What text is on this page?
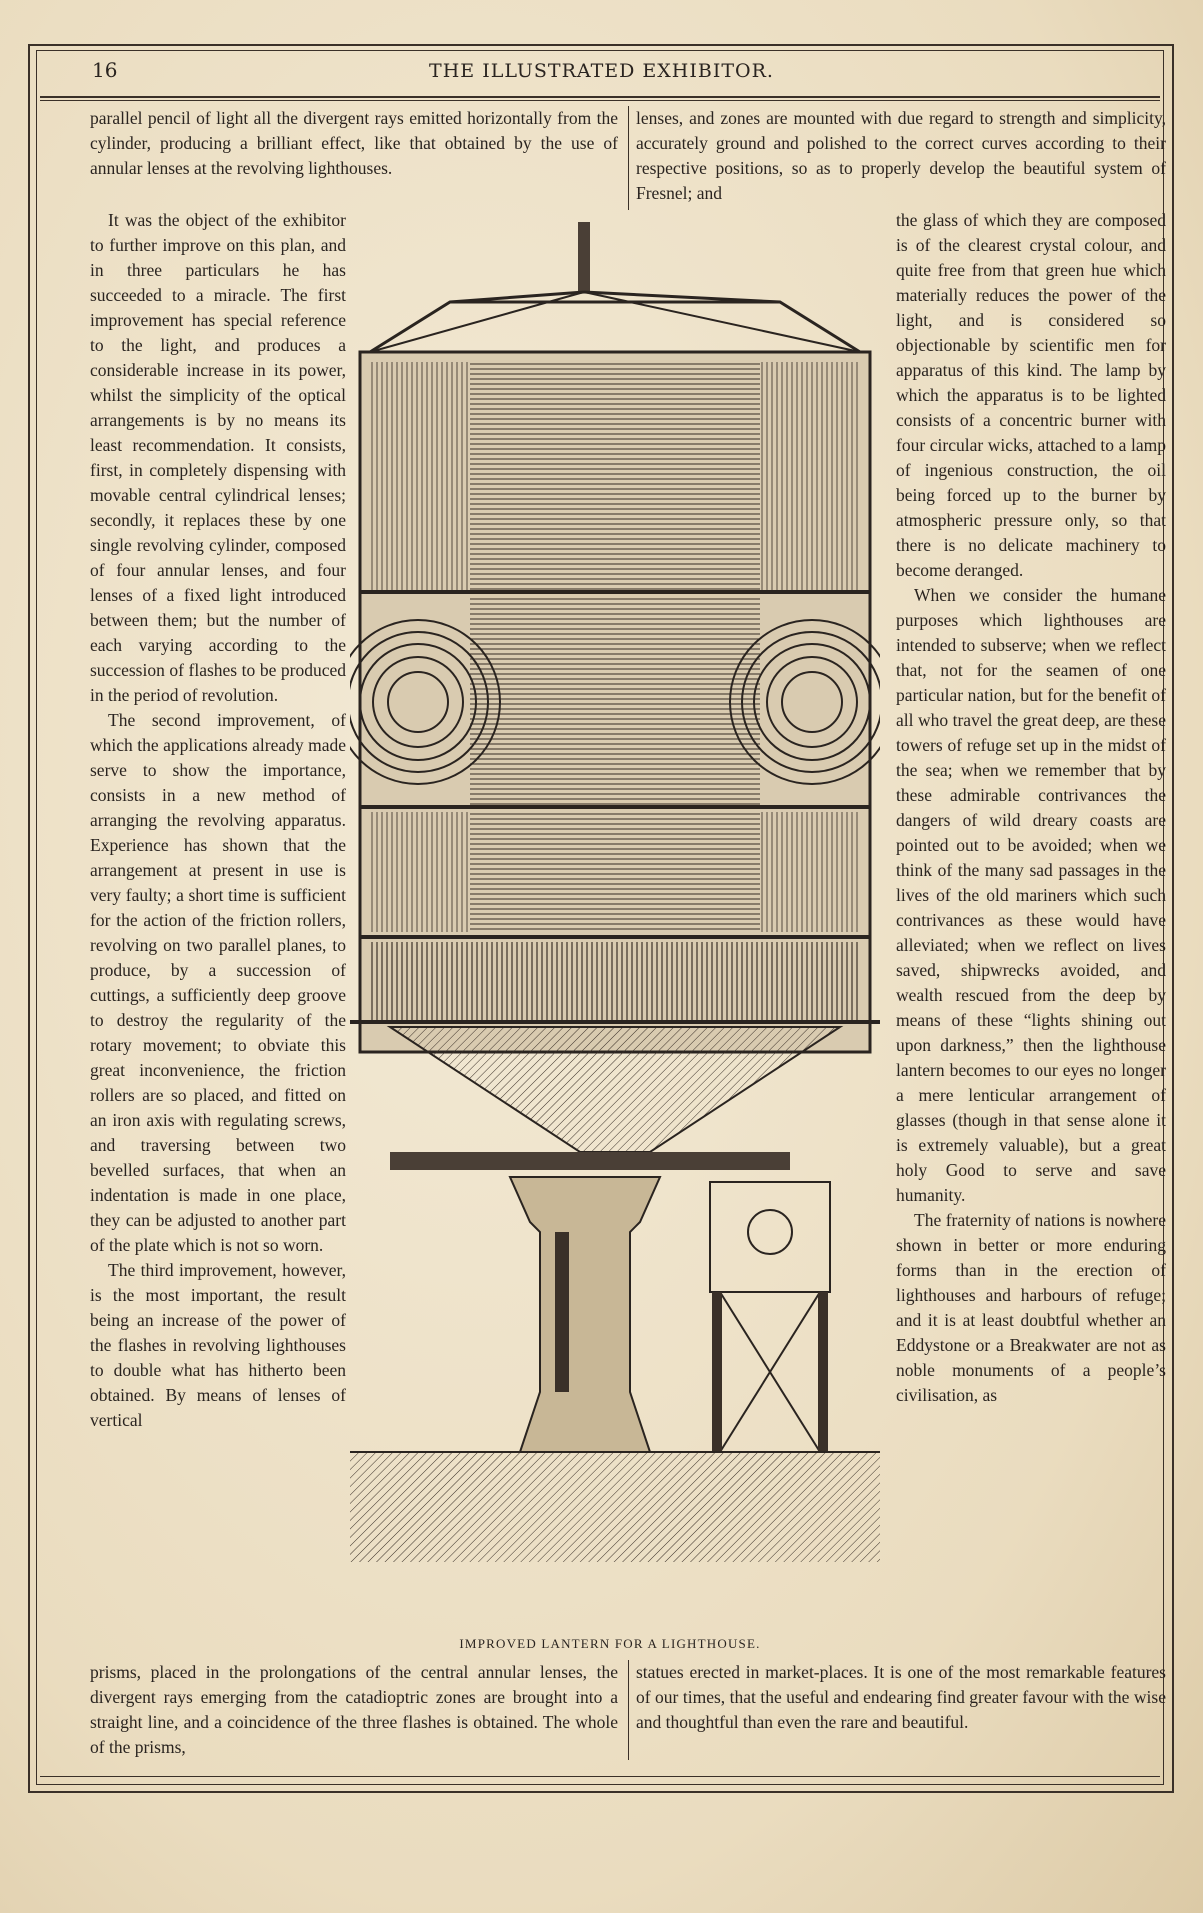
16	THE ILLUSTRATED EXHIBITOR.

parallel pencil of light all the divergent rays emitted horizontally from the cylinder, producing a brilliant effect, like that obtained by the use of annular lenses at the revolving lighthouses.

lenses, and zones are mounted with due regard to strength and simplicity, accurately ground and polished to the correct curves according to their respective positions, so as to properly develop the beautiful system of Fresnel; and

It was the object of the exhibitor to further improve on this plan, and in three particulars he has succeeded to a miracle. The first improvement has special reference to the light, and produces a considerable increase in its power, whilst the simplicity of the optical arrangements is by no means its least recommendation. It consists, first, in completely dispensing with movable central cylindrical lenses; secondly, it replaces these by one single revolving cylinder, composed of four annular lenses, and four lenses of a fixed light introduced between them; but the number of each varying according to the succession of flashes to be produced in the period of revolution.

The second improvement, of which the applications already made serve to show the importance, consists in a new method of arranging the revolving apparatus. Experience has shown that the arrangement at present in use is very faulty; a short time is sufficient for the action of the friction rollers, revolving on two parallel planes, to produce, by a succession of cuttings, a sufficiently deep groove to destroy the regularity of the rotary movement; to obviate this great inconvenience, the friction rollers are so placed, and fitted on an iron axis with regulating screws, and traversing between two bevelled surfaces, that when an indentation is made in one place, they can be adjusted to another part of the plate which is not so worn.

The third improvement, however, is the most important, the result being an increase of the power of the flashes in revolving lighthouses to double what has hitherto been obtained. By means of lenses of vertical

the glass of which they are composed is of the clearest crystal colour, and quite free from that green hue which materially reduces the power of the light, and is considered so objectionable by scientific men for apparatus of this kind. The lamp by which the apparatus is to be lighted consists of a concentric burner with four circular wicks, attached to a lamp of ingenious construction, the oil being forced up to the burner by atmospheric pressure only, so that there is no delicate machinery to become deranged.

When we consider the humane purposes which lighthouses are intended to subserve; when we reflect that, not for the seamen of one particular nation, but for the benefit of all who travel the great deep, are these towers of refuge set up in the midst of the sea; when we remember that by these admirable contrivances the dangers of wild dreary coasts are pointed out to be avoided; when we think of the many sad passages in the lives of the old mariners which such contrivances as these would have alleviated; when we reflect on lives saved, shipwrecks avoided, and wealth rescued from the deep by means of these “lights shining out upon darkness,” then the lighthouse lantern becomes to our eyes no longer a mere lenticular arrangement of glasses (though in that sense alone it is extremely valuable), but a great holy Good to serve and save humanity.

The fraternity of nations is nowhere shown in better or more enduring forms than in the erection of lighthouses and harbours of refuge; and it is at least doubtful whether an Eddystone or a Breakwater are not as noble monuments of a people’s civilisation, as

IMPROVED LANTERN FOR A LIGHTHOUSE.

prisms, placed in the prolongations of the central annular lenses, the divergent rays emerging from the catadioptric zones are brought into a straight line, and a coincidence of the three flashes is obtained. The whole of the prisms,

statues erected in market-places. It is one of the most remarkable features of our times, that the useful and endearing find greater favour with the wise and thoughtful than even the rare and beautiful.
